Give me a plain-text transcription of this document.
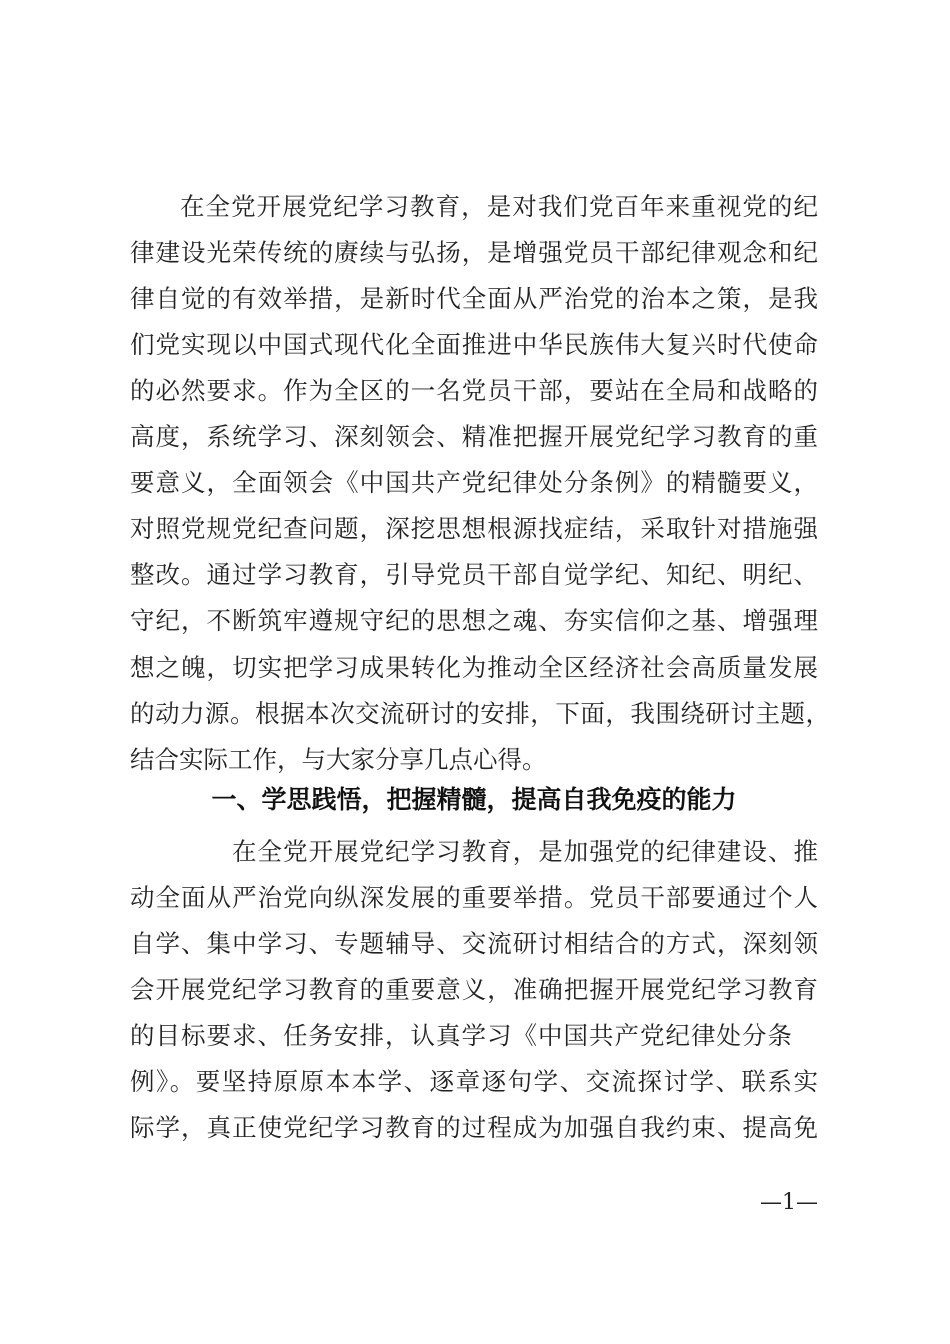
在全党开展党纪学习教育，是对我们党百年来重视党的纪
律建设光荣传统的赓续与弘扬，是增强党员干部纪律观念和纪
律自觉的有效举措，是新时代全面从严治党的治本之策，是我
们党实现以中国式现代化全面推进中华民族伟大复兴时代使命
的必然要求。作为全区的一名党员干部，要站在全局和战略的
高度，系统学习、深刻领会、精准把握开展党纪学习教育的重
要意义，全面领会《中国共产党纪律处分条例》的精髓要义，
对照党规党纪查问题，深挖思想根源找症结，采取针对措施强
整改。通过学习教育，引导党员干部自觉学纪、知纪、明纪、
守纪，不断筑牢遵规守纪的思想之魂、夯实信仰之基、增强理
想之魄，切实把学习成果转化为推动全区经济社会高质量发展
的动力源。根据本次交流研讨的安排，下面，我围绕研讨主题，
结合实际工作，与大家分享几点心得。
一、学思践悟，把握精髓，提高自我免疫的能力
在全党开展党纪学习教育，是加强党的纪律建设、推
动全面从严治党向纵深发展的重要举措。党员干部要通过个人
自学、集中学习、专题辅导、交流研讨相结合的方式，深刻领
会开展党纪学习教育的重要意义，准确把握开展党纪学习教育
的目标要求、任务安排，认真学习《中国共产党纪律处分条
例》。要坚持原原本本学、逐章逐句学、交流探讨学、联系实
际学，真正使党纪学习教育的过程成为加强自我约束、提高免
—1—
